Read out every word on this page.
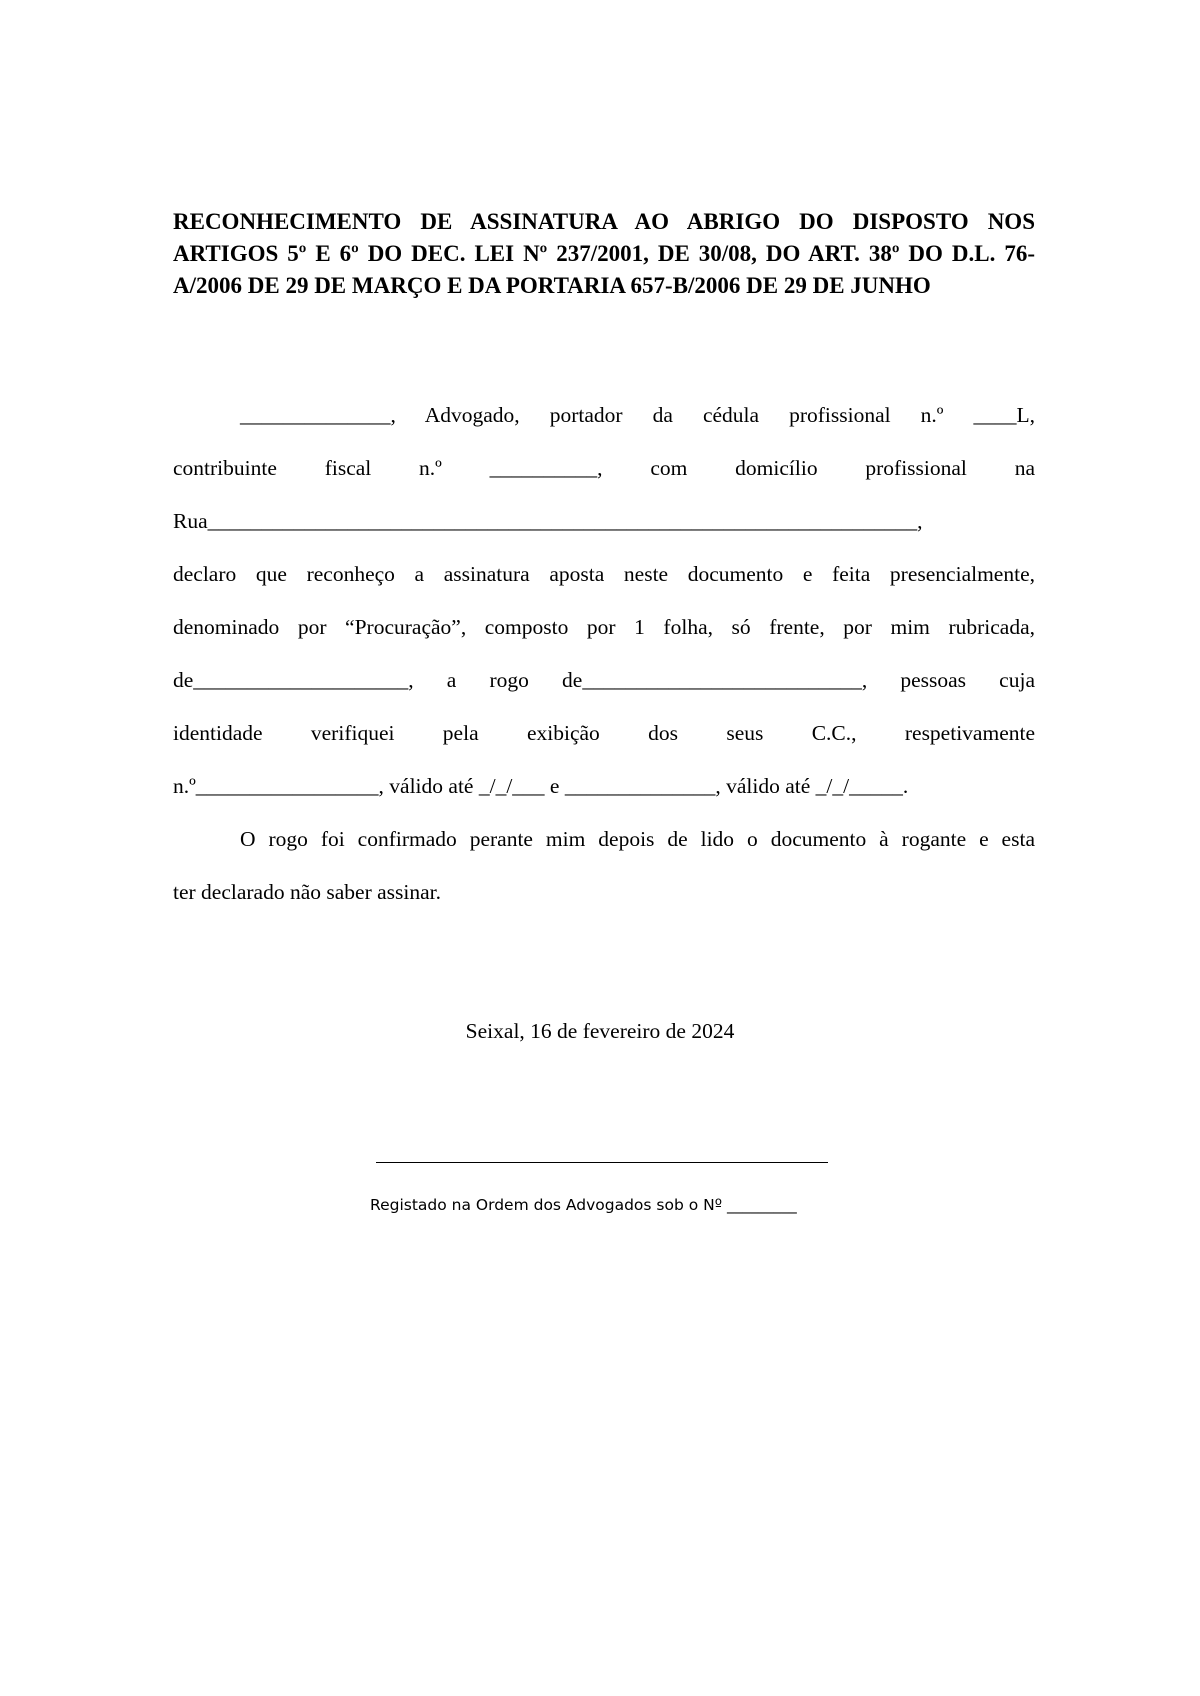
RECONHECIMENTO DE ASSINATURA AO ABRIGO DO DISPOSTO NOS ARTIGOS 5º E 6º DO DEC. LEI Nº 237/2001, DE 30/08, DO ART. 38º DO D.L. 76-A/2006 DE 29 DE MARÇO E DA PORTARIA 657-B/2006 DE 29 DE JUNHO

______________, Advogado, portador da cédula profissional n.º ____L,

contribuinte fiscal n.º __________, com domicílio profissional na

Rua__________________________________________________________________,

declaro que reconheço a assinatura aposta neste documento e feita presencialmente,

denominado por “Procuração”, composto por 1 folha, só frente, por mim rubricada,

de____________________, a rogo de__________________________, pessoas cuja

identidade verifiquei pela exibição dos seus C.C., respetivamente

n.º_________________, válido até _/_/___ e ______________, válido até _/_/_____.

O rogo foi confirmado perante mim depois de lido o documento à rogante e esta

ter declarado não saber assinar.

Seixal, 16 de fevereiro de 2024

Registado na Ordem dos Advogados sob o Nº _________
